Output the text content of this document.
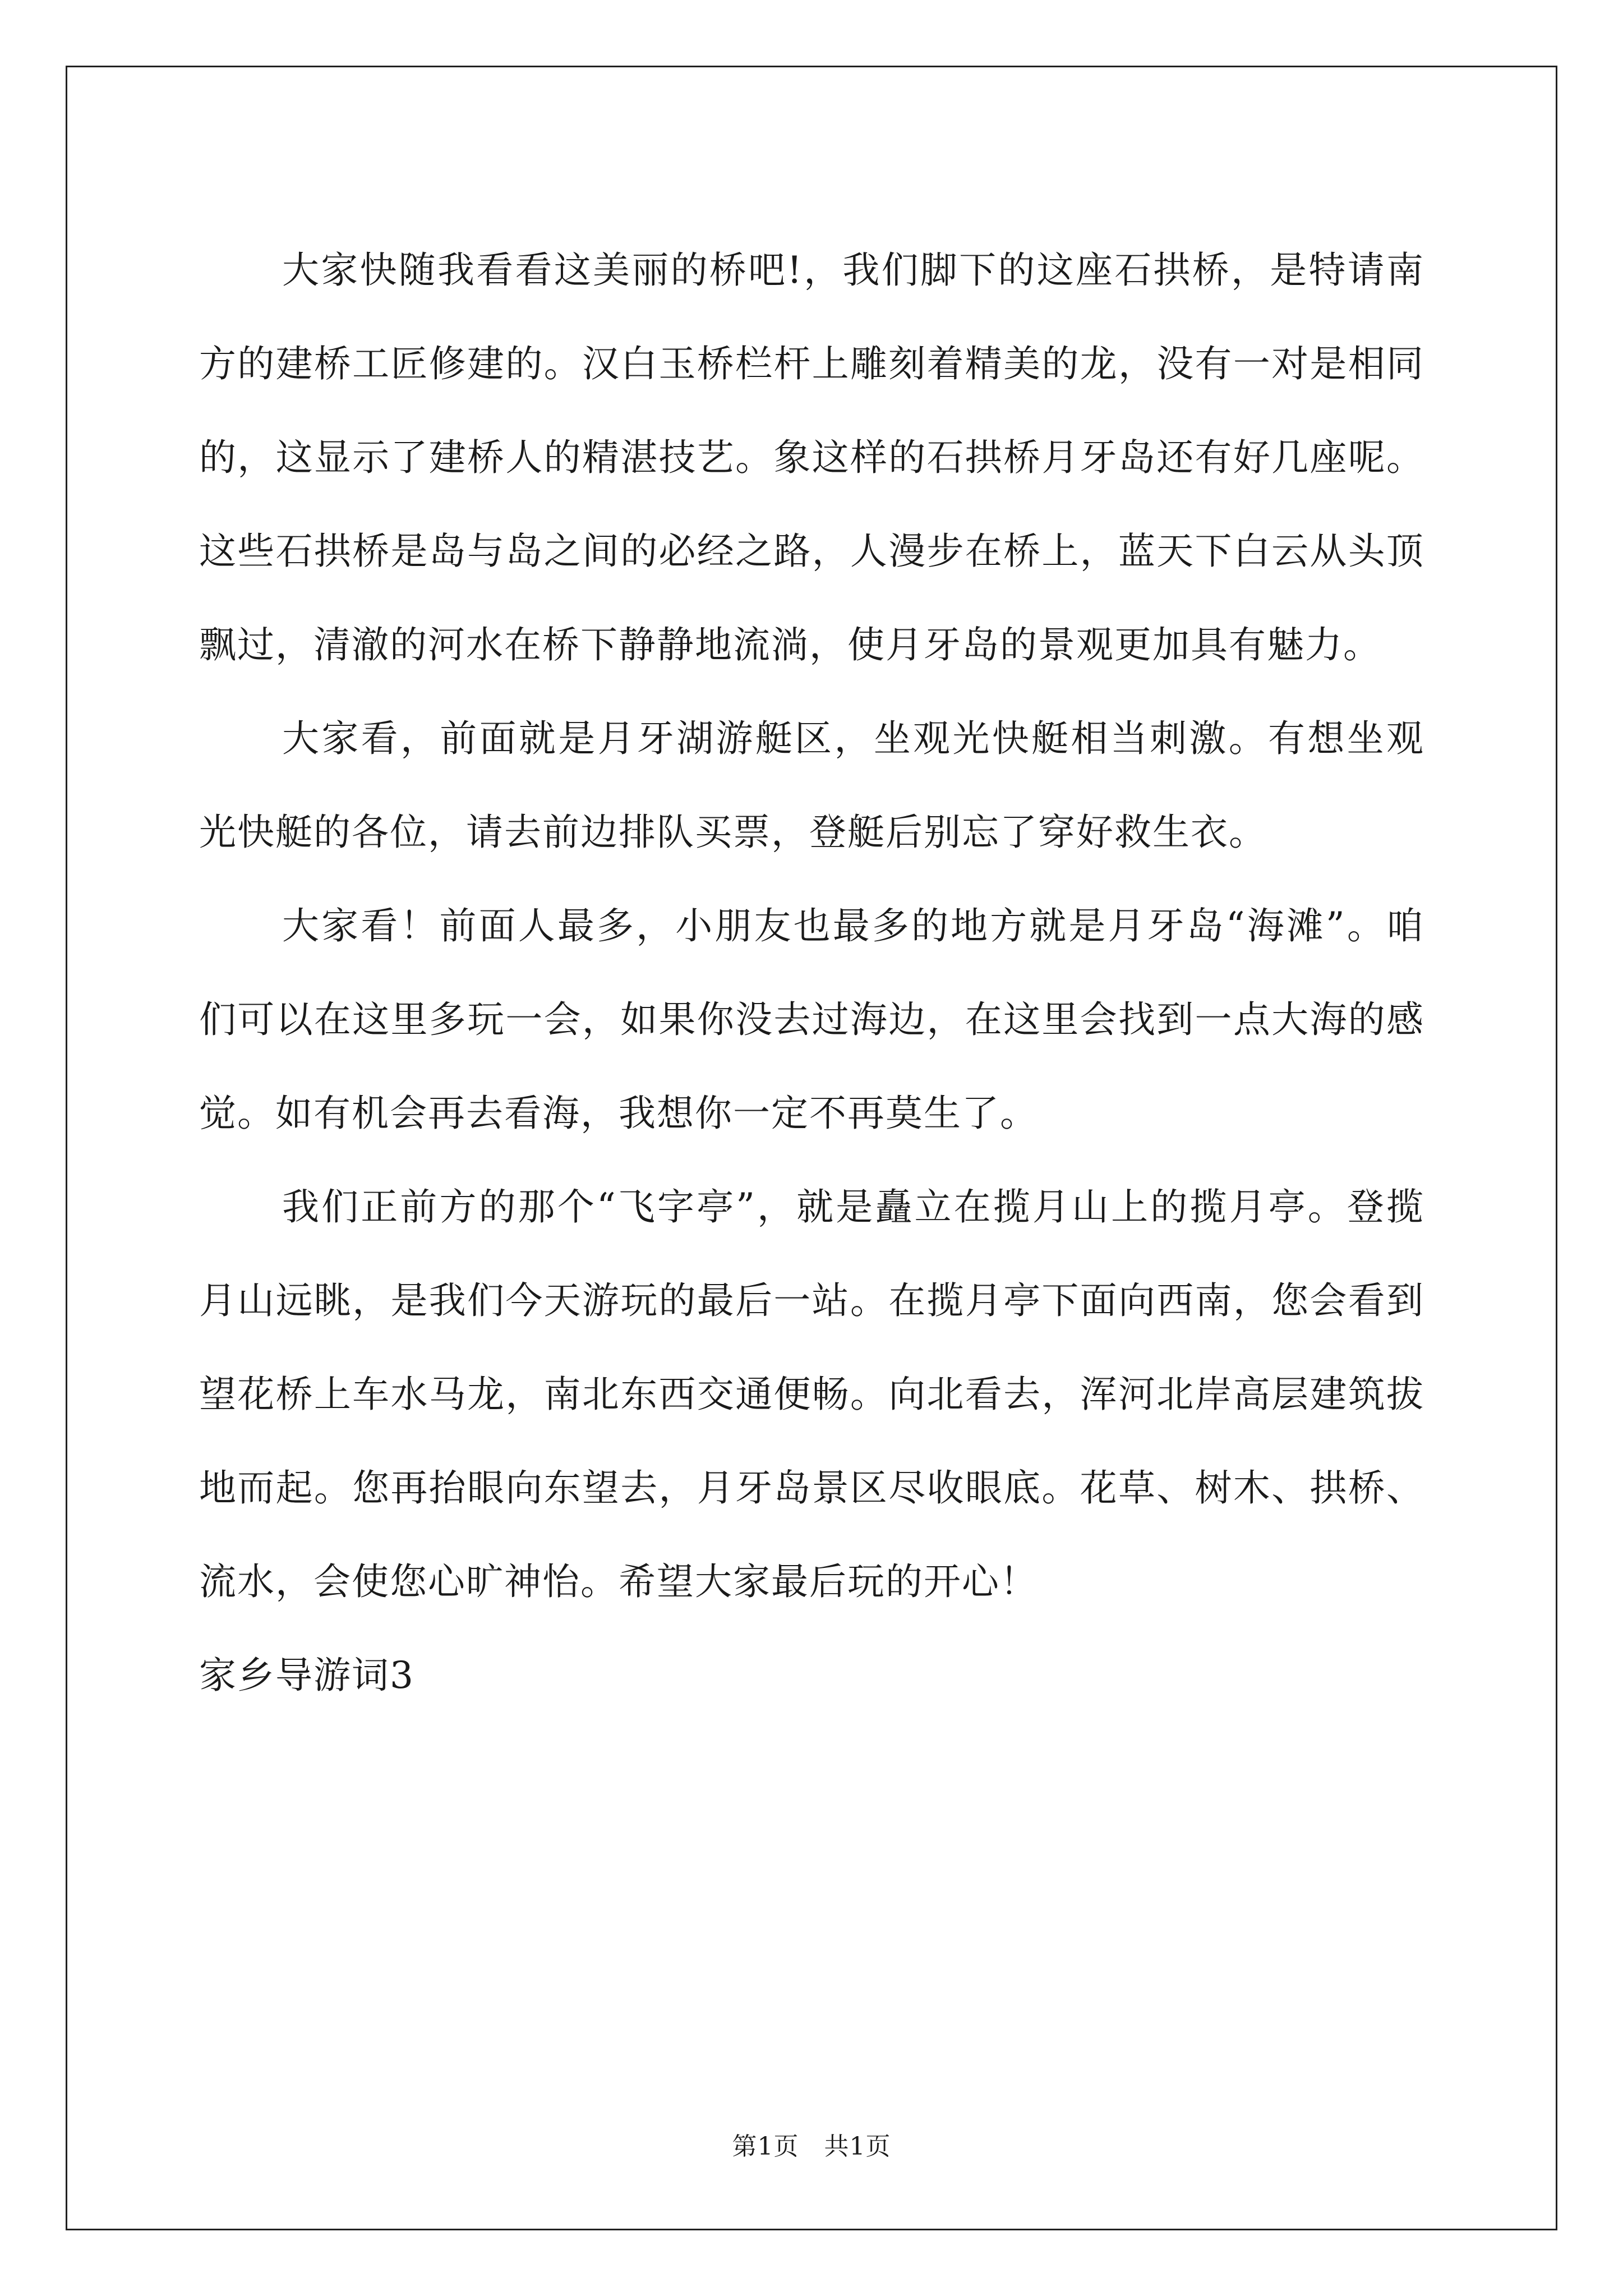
大家快随我看看这美丽的桥吧!，我们脚下的这座石拱桥，是特请南方的建桥工匠修建的。汉白玉桥栏杆上雕刻着精美的龙，没有一对是相同的，这显示了建桥人的精湛技艺。象这样的石拱桥月牙岛还有好几座呢。这些石拱桥是岛与岛之间的必经之路，人漫步在桥上，蓝天下白云从头顶飘过，清澈的河水在桥下静静地流淌，使月牙岛的景观更加具有魅力。

大家看，前面就是月牙湖游艇区，坐观光快艇相当刺激。有想坐观光快艇的各位，请去前边排队买票，登艇后别忘了穿好救生衣。

大家看！前面人最多，小朋友也最多的地方就是月牙岛“海滩”。咱们可以在这里多玩一会，如果你没去过海边，在这里会找到一点大海的感觉。如有机会再去看海，我想你一定不再莫生了。

我们正前方的那个“飞字亭”，就是矗立在揽月山上的揽月亭。登揽月山远眺，是我们今天游玩的最后一站。在揽月亭下面向西南，您会看到望花桥上车水马龙，南北东西交通便畅。向北看去，浑河北岸高层建筑拔地而起。您再抬眼向东望去，月牙岛景区尽收眼底。花草、树木、拱桥、流水，会使您心旷神怡。希望大家最后玩的开心！

家乡导游词3

第1页　共1页
